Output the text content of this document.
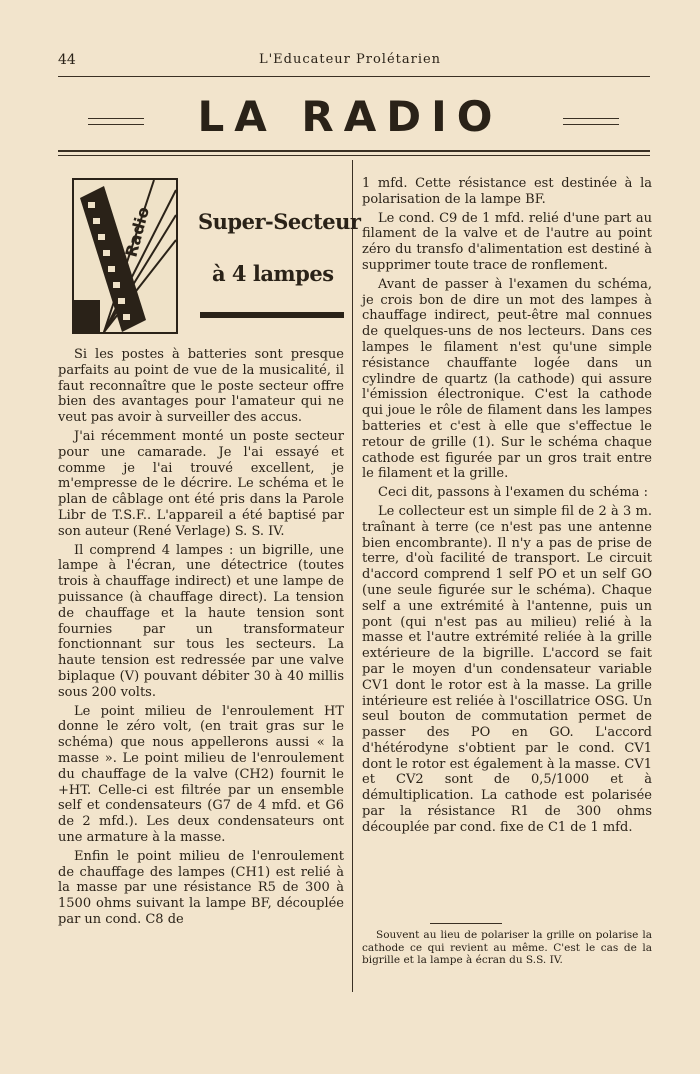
44	L'Educateur Prolétarien
LA RADIO
Radio Super-Secteur
à 4 lampes

Si les postes à batteries sont presque parfaits au point de vue de la musicalité, il faut reconnaître que le poste secteur offre bien des avantages pour l'amateur qui ne veut pas avoir à surveiller des accus.

J'ai récemment monté un poste secteur pour une camarade. Je l'ai essayé et comme je l'ai trouvé excellent, je m'empresse de le décrire. Le schéma et le plan de câblage ont été pris dans la Parole Libr de T.S.F.. L'appareil a été baptisé par son auteur (René Verlage) S. S. IV.

Il comprend 4 lampes : un bigrille, une lampe à l'écran, une détectrice (toutes trois à chauffage indirect) et une lampe de puissance (à chauffage direct). La tension de chauffage et la haute tension sont fournies par un transformateur fonctionnant sur tous les secteurs. La haute tension est redressée par une valve biplaque (V) pouvant débiter 30 à 40 millis sous 200 volts.

Le point milieu de l'enroulement HT donne le zéro volt, (en trait gras sur le schéma) que nous appellerons aussi « la masse ». Le point milieu de l'enroulement du chauffage de la valve (CH2) fournit le +HT. Celle-ci est filtrée par un ensemble self et condensateurs (G7 de 4 mfd. et G6 de 2 mfd.). Les deux condensateurs ont une armature à la masse.

Enfin le point milieu de l'enroulement de chauffage des lampes (CH1) est relié à la masse par une résistance R5 de 300 à 1500 ohms suivant la lampe BF, découplée par un cond. C8 de

1 mfd. Cette résistance est destinée à la polarisation de la lampe BF.

Le cond. C9 de 1 mfd. relié d'une part au filament de la valve et de l'autre au point zéro du transfo d'alimentation est destiné à supprimer toute trace de ronflement.

Avant de passer à l'examen du schéma, je crois bon de dire un mot des lampes à chauffage indirect, peut-être mal connues de quelques-uns de nos lecteurs. Dans ces lampes le filament n'est qu'une simple résistance chauffante logée dans un cylindre de quartz (la cathode) qui assure l'émission électronique. C'est la cathode qui joue le rôle de filament dans les lampes batteries et c'est à elle que s'effectue le retour de grille (1). Sur le schéma chaque cathode est figurée par un gros trait entre le filament et la grille.

Ceci dit, passons à l'examen du schéma :

Le collecteur est un simple fil de 2 à 3 m. traînant à terre (ce n'est pas une antenne bien encombrante). Il n'y a pas de prise de terre, d'où facilité de transport. Le circuit d'accord comprend 1 self PO et un self GO (une seule figurée sur le schéma). Chaque self a une extrémité à l'antenne, puis un pont (qui n'est pas au milieu) relié à la masse et l'autre extrémité reliée à la grille extérieure de la bigrille. L'accord se fait par le moyen d'un condensateur variable CV1 dont le rotor est à la masse. La grille intérieure est reliée à l'oscillatrice OSG. Un seul bouton de commutation permet de passer des PO en GO. L'accord d'hétérodyne s'obtient par le cond. CV1 dont le rotor est également à la masse. CV1 et CV2 sont de 0,5/1000 et à démultiplication. La cathode est polarisée par la résistance R1 de 300 ohms découplée par cond. fixe de C1 de 1 mfd.

Souvent au lieu de polariser la grille on polarise la cathode ce qui revient au même. C'est le cas de la bigrille et la lampe à écran du S.S. IV.
